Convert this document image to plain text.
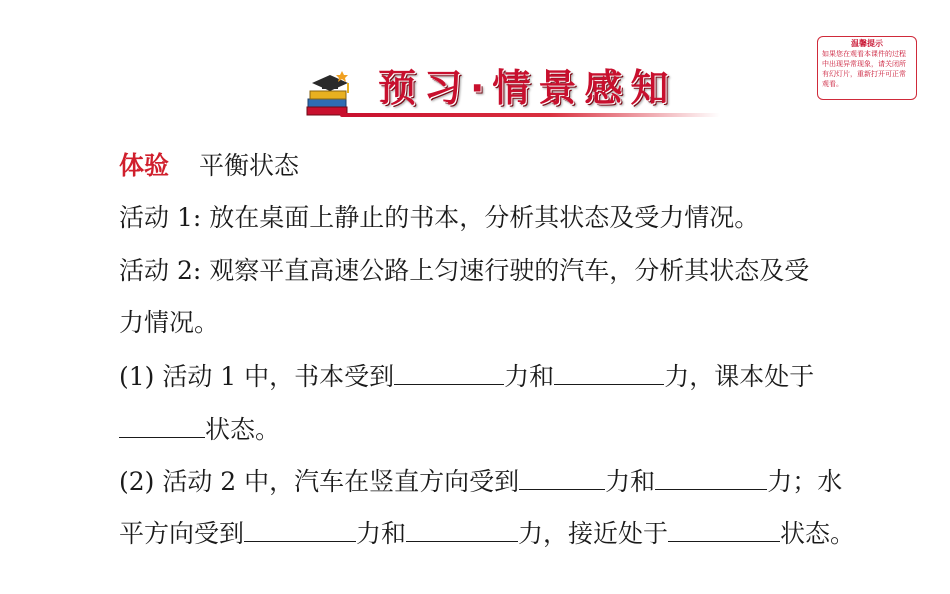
预习·情景感知
温馨提示
如果您在观看本课件的过程中出现异常现象，请关闭所有幻灯片，重新打开可正常观看。
体验 平衡状态
活动 1: 放在桌面上静止的书本，分析其状态及受力情况。
活动 2: 观察平直高速公路上匀速行驶的汽车，分析其状态及受
力情况。
(1) 活动 1 中，书本受到	力和	力，课本处于
状态。
(2) 活动 2 中，汽车在竖直方向受到	力和	力；水
平方向受到	力和	力，接近处于	状态。
